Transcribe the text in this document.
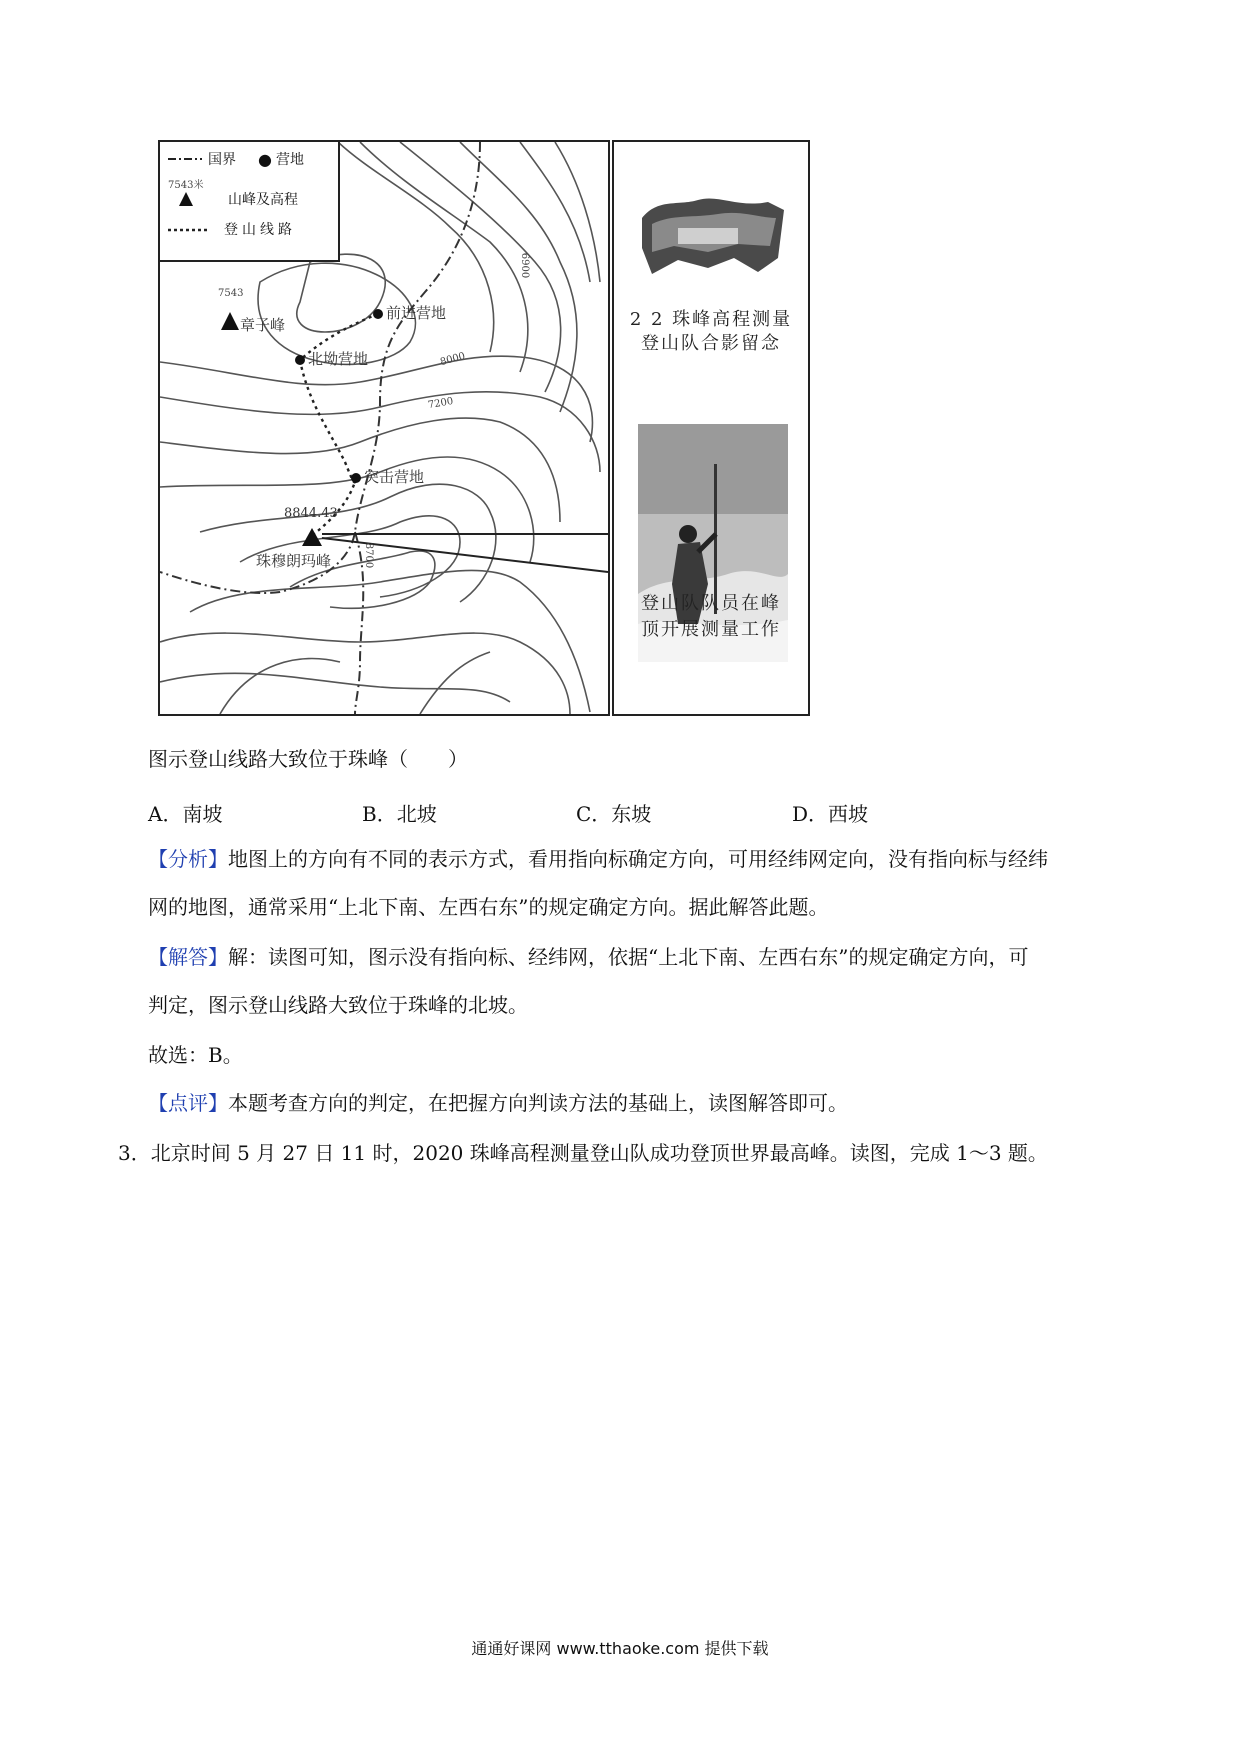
国界 ● 营地
7543米
山峰及高程
登山线路
7543
章子峰
前进营地
北坳营地
突击营地
8844.43
珠穆朗玛峰
6900
8000
8700
7200
2 2 珠峰高程测量
登山队合影留念
登山队队员在峰
顶开展测量工作
图示登山线路大致位于珠峰（　　）
A．南坡	B．北坡	C．东坡	D．西坡
【分析】地图上的方向有不同的表示方式，看用指向标确定方向，可用经纬网定向，没有指向标与经纬
网的地图，通常采用“上北下南、左西右东”的规定确定方向。据此解答此题。
【解答】解：读图可知，图示没有指向标、经纬网，依据“上北下南、左西右东”的规定确定方向，可
判定，图示登山线路大致位于珠峰的北坡。
故选：B。
【点评】本题考查方向的判定，在把握方向判读方法的基础上，读图解答即可。
3．北京时间 5 月 27 日 11 时，2020 珠峰高程测量登山队成功登顶世界最高峰。读图，完成 1～3 题。
通通好课网 www.tthaoke.com 提供下载
